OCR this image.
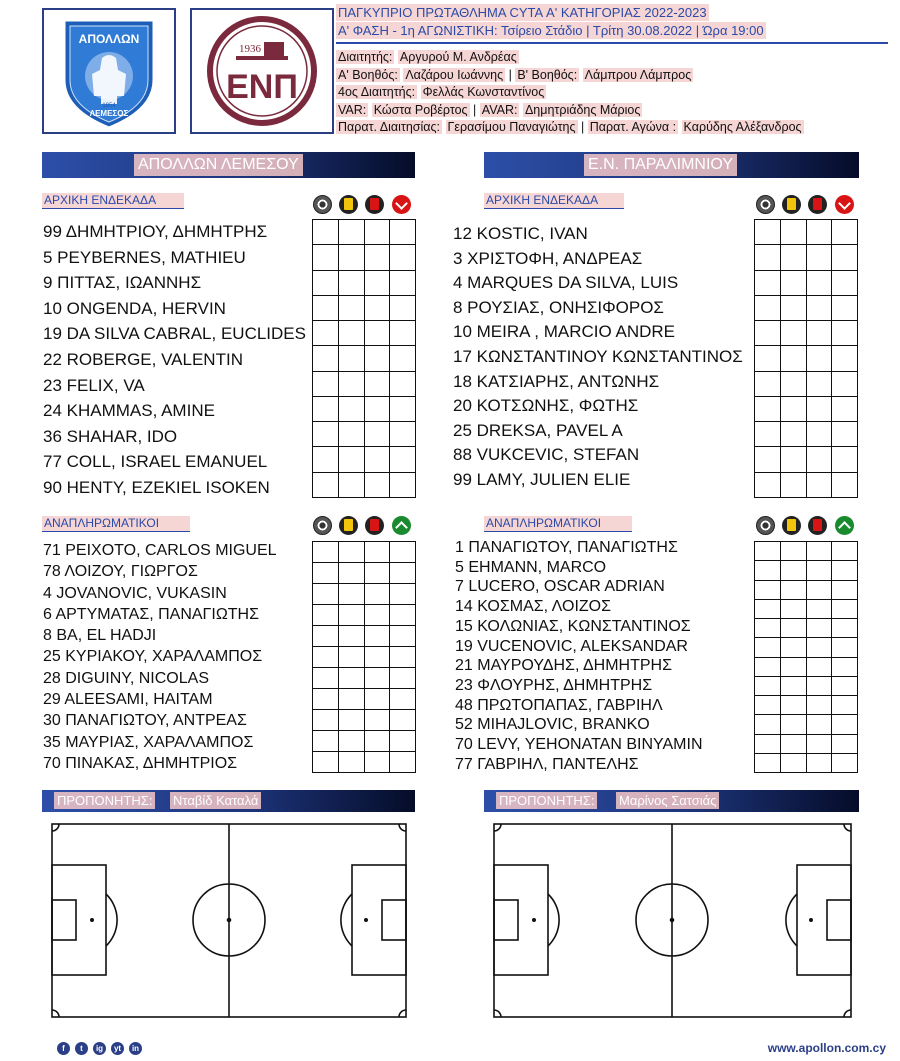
ΑΠΟΛΛΩΝ
1954
ΛΕΜΕΣΟΣ
1936
ΕΝΠ
ΠΑΓΚΥΠΡΙΟ ΠΡΩΤΑΘΛΗΜΑ CYTA Α' ΚΑΤΗΓΟΡΙΑΣ 2022-2023
Α' ΦΑΣΗ - 1η ΑΓΩΝΙΣΤΙΚΗ: Τσίρειο Στάδιο | Τρίτη 30.08.2022 | Ώρα 19:00
Διαιτητής: Αργυρού Μ. Ανδρέας
Α' Βοηθός: Λαζάρου Ιωάννης | Β' Βοηθός: Λάμπρου Λάμπρος
4ος Διαιτητής: Φελλάς Κωνσταντίνος
VAR: Κώστα Ροβέρτος | AVAR: Δημητριάδης Μάριος
Παρατ. Διαιτησίας: Γερασίμου Παναγιώτης | Παρατ. Αγώνα : Καρύδης Αλέξανδρος
ΑΠΟΛΛΩΝ ΛΕΜΕΣΟΥ	Ε.Ν. ΠΑΡΑΛΙΜΝΙΟΥ
ΑΡΧΙΚΗ ΕΝΔΕΚΑΔΑ	ΑΡΧΙΚΗ ΕΝΔΕΚΑΔΑ
ΑΝΑΠΛΗΡΩΜΑΤΙΚΟΙ	ΑΝΑΠΛΗΡΩΜΑΤΙΚΟΙ
99 ΔΗΜΗΤΡΙΟΥ, ΔΗΜΗΤΡΗΣ
5 PEYBERNES, MATHIEU
9 ΠΙΤΤΑΣ, ΙΩΑΝΝΗΣ
10 ONGENDA, HERVIN
19 DA SILVA CABRAL, EUCLIDES
22 ROBERGE, VALENTIN
23 FELIX, VA
24 KHAMMAS, AMINE
36 SHAHAR, IDO
77 COLL, ISRAEL EMANUEL
90 HENTY, EZEKIEL ISOKEN
12 KOSTIC, IVAN
3 ΧΡΙΣΤΟΦΗ, ΑΝΔΡΕΑΣ
4 MARQUES DA SILVA, LUIS
8 ΡΟΥΣΙΑΣ, ΟΝΗΣΙΦΟΡΟΣ
10 MEIRA , MARCIO ANDRE
17 ΚΩΝΣΤΑΝΤΙΝΟΥ ΚΩΝΣΤΑΝΤΙΝΟΣ
18 ΚΑΤΣΙΑΡΗΣ, ΑΝΤΩΝΗΣ
20 ΚΟΤΣΩΝΗΣ, ΦΩΤΗΣ
25 DREKSA, PAVEL A
88 VUKCEVIC, STEFAN
99 LAMY, JULIEN ELIE
71 PEIXOTO, CARLOS MIGUEL
78 ΛΟΙΖΟΥ, ΓΙΩΡΓΟΣ
4 JOVANOVIC, VUKASIN
6 ΑΡΤΥΜΑΤΑΣ, ΠΑΝΑΓΙΩΤΗΣ
8 BA, EL HADJI
25 ΚΥΡΙΑΚΟΥ, ΧΑΡΑΛΑΜΠΟΣ
28 DIGUINY, NICOLAS
29 ALEESAMI, HAITAM
30 ΠΑΝΑΓΙΩΤΟΥ, ΑΝΤΡΕΑΣ
35 ΜΑΥΡΙΑΣ, ΧΑΡΑΛΑΜΠΟΣ
70 ΠΙΝΑΚΑΣ, ΔΗΜΗΤΡΙΟΣ
1 ΠΑΝΑΓΙΩΤΟΥ, ΠΑΝΑΓΙΩΤΗΣ
5 EHMANN, MARCO
7 LUCERO, OSCAR ADRIAN
14 ΚΟΣΜΑΣ, ΛΟΙΖΟΣ
15 ΚΟΛΩΝΙΑΣ, ΚΩΝΣΤΑΝΤΙΝΟΣ
19 VUCENOVIC, ALEKSANDAR
21 ΜΑΥΡΟΥΔΗΣ, ΔΗΜΗΤΡΗΣ
23 ΦΛΟΥΡΗΣ, ΔΗΜΗΤΡΗΣ
48 ΠΡΩΤΟΠΑΠΑΣ, ΓΑΒΡΙΗΛ
52 MIHAJLOVIC, BRANKO
70 LEVY, YEHONATAN BINYAMIN
77 ΓΑΒΡΙΗΛ, ΠΑΝΤΕΛΗΣ

ΠΡΟΠΟΝΗΤΗΣ: Νταβίδ Καταλά	ΠΡΟΠΟΝΗΤΗΣ: Μαρίνος Σατσιάς
f	t	ig	yt	in	www.apollon.com.cy
